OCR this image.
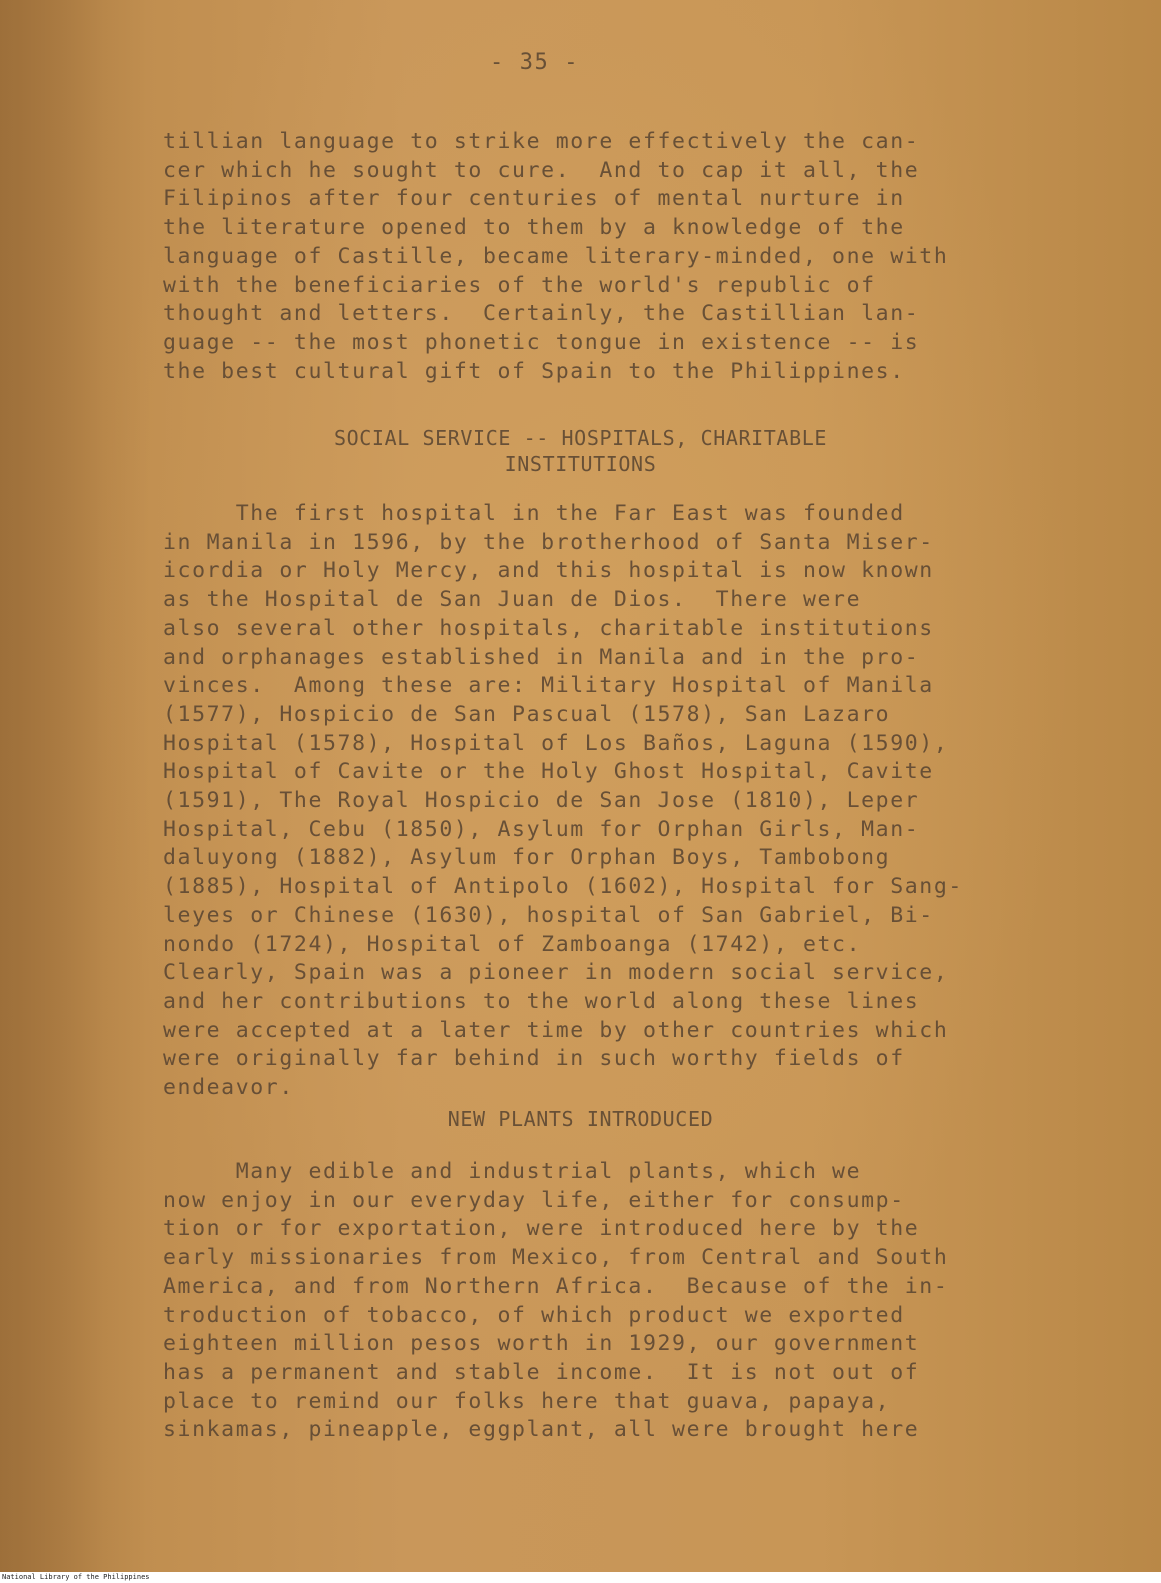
- 35 -
tillian language to strike more effectively the can-
cer which he sought to cure.  And to cap it all, the
Filipinos after four centuries of mental nurture in
the literature opened to them by a knowledge of the
language of Castille, became literary-minded, one with
with the beneficiaries of the world's republic of
thought and letters.  Certainly, the Castillian lan-
guage -- the most phonetic tongue in existence -- is
the best cultural gift of Spain to the Philippines.
SOCIAL SERVICE -- HOSPITALS, CHARITABLE
INSTITUTIONS
The first hospital in the Far East was founded
in Manila in 1596, by the brotherhood of Santa Miser-
icordia or Holy Mercy, and this hospital is now known
as the Hospital de San Juan de Dios.  There were
also several other hospitals, charitable institutions
and orphanages established in Manila and in the pro-
vinces.  Among these are: Military Hospital of Manila
(1577), Hospicio de San Pascual (1578), San Lazaro
Hospital (1578), Hospital of Los Baños, Laguna (1590),
Hospital of Cavite or the Holy Ghost Hospital, Cavite
(1591), The Royal Hospicio de San Jose (1810), Leper
Hospital, Cebu (1850), Asylum for Orphan Girls, Man-
daluyong (1882), Asylum for Orphan Boys, Tambobong
(1885), Hospital of Antipolo (1602), Hospital for Sang-
leyes or Chinese (1630), hospital of San Gabriel, Bi-
nondo (1724), Hospital of Zamboanga (1742), etc.
Clearly, Spain was a pioneer in modern social service,
and her contributions to the world along these lines
were accepted at a later time by other countries which
were originally far behind in such worthy fields of
endeavor.
NEW PLANTS INTRODUCED
Many edible and industrial plants, which we
now enjoy in our everyday life, either for consump-
tion or for exportation, were introduced here by the
early missionaries from Mexico, from Central and South
America, and from Northern Africa.  Because of the in-
troduction of tobacco, of which product we exported
eighteen million pesos worth in 1929, our government
has a permanent and stable income.  It is not out of
place to remind our folks here that guava, papaya,
sinkamas, pineapple, eggplant, all were brought here
National Library of the Philippines
